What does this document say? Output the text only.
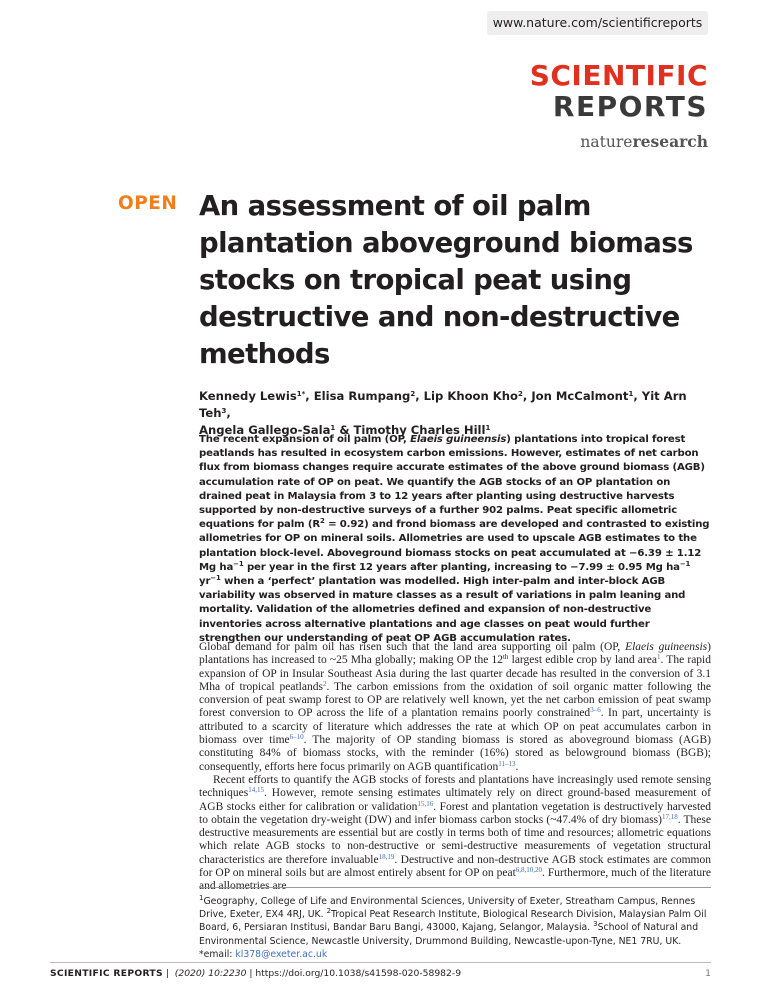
www.nature.com/scientificreports
SCIENTIFIC
REPORTS
natureresearch
OPEN An assessment of oil palm plantation aboveground biomass stocks on tropical peat using destructive and non-destructive methods
Kennedy Lewis$^{1*}$, Elisa Rumpang$^2$, Lip Khoon Kho$^2$, Jon McCalmont$^1$, Yit Arn Teh$^3$,
Angela Gallego-Sala$^1$ & Timothy Charles Hill$^1$
The recent expansion of oil palm (OP, Elaeis guineensis) plantations into tropical forest peatlands has resulted in ecosystem carbon emissions. However, estimates of net carbon flux from biomass changes require accurate estimates of the above ground biomass (AGB) accumulation rate of OP on peat. We quantify the AGB stocks of an OP plantation on drained peat in Malaysia from 3 to 12 years after planting using destructive harvests supported by non-destructive surveys of a further 902 palms. Peat specific allometric equations for palm $(R^2 = 0.92)$ and frond biomass are developed and contrasted to existing allometries for OP on mineral soils. Allometries are used to upscale AGB estimates to the plantation block-level. Aboveground biomass stocks on peat accumulated at −6.39 ± 1.12 Mg $ha^{-1}$ per year in the first 12 years after planting, increasing to −7.99 ± 0.95 Mg $ha^{-1}$ $yr^{-1}$ when a ‘perfect’ plantation was modelled. High inter-palm and inter-block AGB variability was observed in mature classes as a result of variations in palm leaning and mortality. Validation of the allometries defined and expansion of non-destructive inventories across alternative plantations and age classes on peat would further strengthen our understanding of peat OP AGB accumulation rates.

Global demand for palm oil has risen such that the land area supporting oil palm (OP, Elaeis guineensis) plantations has increased to ~25 Mha globally; making OP the 12th largest edible crop by land area$^1$. The rapid expansion of OP in Insular Southeast Asia during the last quarter decade has resulted in the conversion of 3.1 Mha of tropical peatlands$^2$. The carbon emissions from the oxidation of soil organic matter following the conversion of peat swamp forest to OP are relatively well known, yet the net carbon emission of peat swamp forest conversion to OP across the life of a plantation remains poorly constrained$^{3-6}$. In part, uncertainty is attributed to a scarcity of literature which addresses the rate at which OP on peat accumulates carbon in biomass over time$^{6-10}$. The majority of OP standing biomass is stored as aboveground biomass (AGB) constituting 84% of biomass stocks, with the reminder (16%) stored as belowground biomass (BGB); consequently, efforts here focus primarily on AGB quantification$^{11-13}$.

Recent efforts to quantify the AGB stocks of forests and plantations have increasingly used remote sensing techniques$^{14,15}$. However, remote sensing estimates ultimately rely on direct ground-based measurement of AGB stocks either for calibration or validation$^{15,16}$. Forest and plantation vegetation is destructively harvested to obtain the vegetation dry-weight (DW) and infer biomass carbon stocks (~47.4% of dry biomass)$^{17,18}$. These destructive measurements are essential but are costly in terms both of time and resources; allometric equations which relate AGB stocks to non-destructive or semi-destructive measurements of vegetation structural characteristics are therefore invaluable$^{18,19}$. Destructive and non-destructive AGB stock estimates are common for OP on mineral soils but are almost entirely absent for OP on peat$^{6,8,10,20}$. Furthermore, much of the literature and allometries are

$^1$Geography, College of Life and Environmental Sciences, University of Exeter, Streatham Campus, Rennes Drive, Exeter, EX4 4RJ, UK. $^2$Tropical Peat Research Institute, Biological Research Division, Malaysian Palm Oil Board, 6, Persiaran Institusi, Bandar Baru Bangi, 43000, Kajang, Selangor, Malaysia. $^3$School of Natural and Environmental Science, Newcastle University, Drummond Building, Newcastle-upon-Tyne, NE1 7RU, UK. *email: kl378@exeter.ac.uk
SCIENTIFIC REPORTS | (2020) 10:2230 | https://doi.org/10.1038/s41598-020-58982-9	1
